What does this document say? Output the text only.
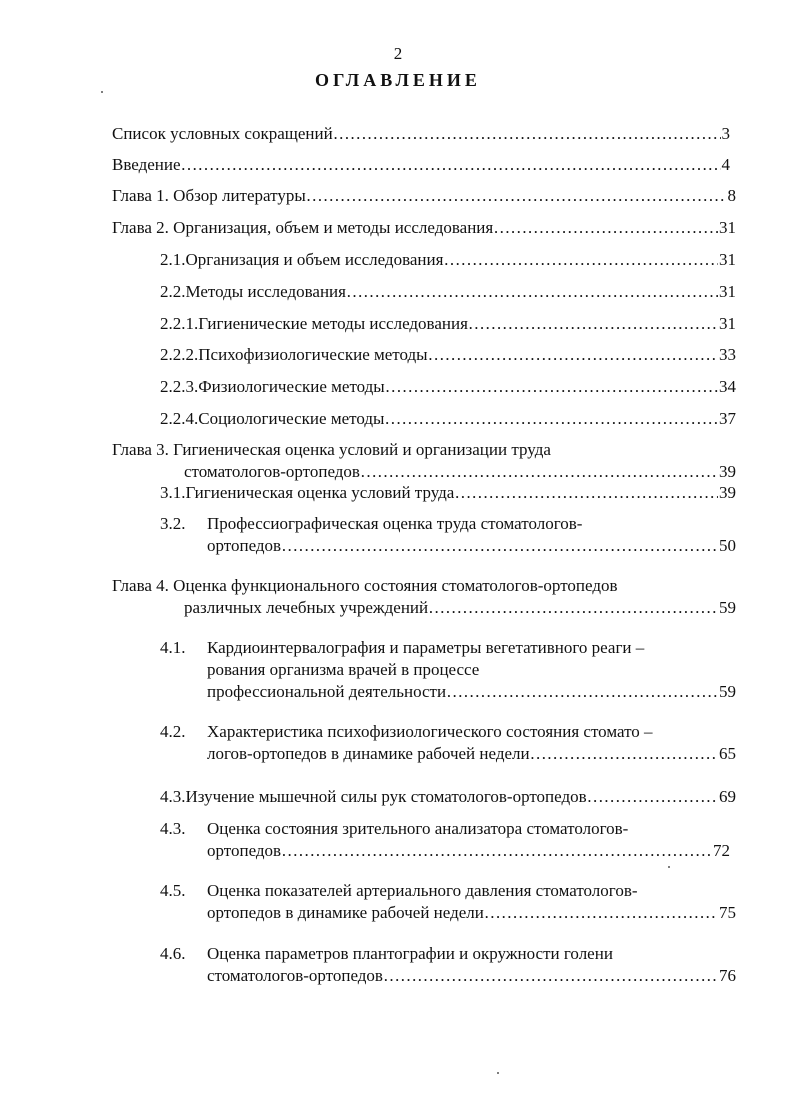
2
ОГЛАВЛЕНИЕ
Список условных сокращений ………………………………………………………………………………………………………………………………………………………………………………………………………………	3
Введение ………………………………………………………………………………………………………………………………………………………………………………………………………………	4
Глава 1. Обзор литературы ………………………………………………………………………………………………………………………………………………………………………………………………………………	8
Глава 2. Организация, объем и методы исследования ………………………………………………………………………………………………………………………………………………………………………………………………………………	31
2.1. Организация и объем исследования ………………………………………………………………………………………………………………………………………………………………………………………………………………	31
2.2. Методы исследования ………………………………………………………………………………………………………………………………………………………………………………………………………………	31
2.2.1. Гигиенические методы исследования ………………………………………………………………………………………………………………………………………………………………………………………………………………	31
2.2.2. Психофизиологические методы ………………………………………………………………………………………………………………………………………………………………………………………………………………	33
2.2.3. Физиологические методы ………………………………………………………………………………………………………………………………………………………………………………………………………………	34
2.2.4. Социологические методы ………………………………………………………………………………………………………………………………………………………………………………………………………………	37
Глава 3. Гигиеническая оценка условий и организации труда
стоматологов-ортопедов ………………………………………………………………………………………………………………………………………………………………………………………………………………	39
3.1. Гигиеническая оценка условий труда ………………………………………………………………………………………………………………………………………………………………………………………………………………	39
3.2.	Профессиографическая оценка труда стоматологов-
ортопедов ………………………………………………………………………………………………………………………………………………………………………………………………………………	50
Глава 4. Оценка функционального состояния стоматологов-ортопедов
различных лечебных учреждений ………………………………………………………………………………………………………………………………………………………………………………………………………………	59
4.1.	Кардиоинтервалография и параметры вегетативного реаги –
рования организма врачей в процессе
профессиональной деятельности ………………………………………………………………………………………………………………………………………………………………………………………………………………	59
4.2.	Характеристика психофизиологического состояния стомато –
логов-ортопедов в динамике рабочей недели ………………………………………………………………………………………………………………………………………………………………………………………………………………	65
4.3. Изучение мышечной силы рук стоматологов-ортопедов ………………………………………………………………………………………………………………………………………………………………………………………………………………	69
4.3.	Оценка состояния зрительного анализатора стоматологов-
ортопедов ………………………………………………………………………………………………………………………………………………………………………………………………………………	72
4.5.	Оценка показателей артериального давления стоматологов-
ортопедов в динамике рабочей недели ………………………………………………………………………………………………………………………………………………………………………………………………………………	75
4.6.	Оценка параметров плантографии и окружности голени
стоматологов-ортопедов ………………………………………………………………………………………………………………………………………………………………………………………………………………	76
